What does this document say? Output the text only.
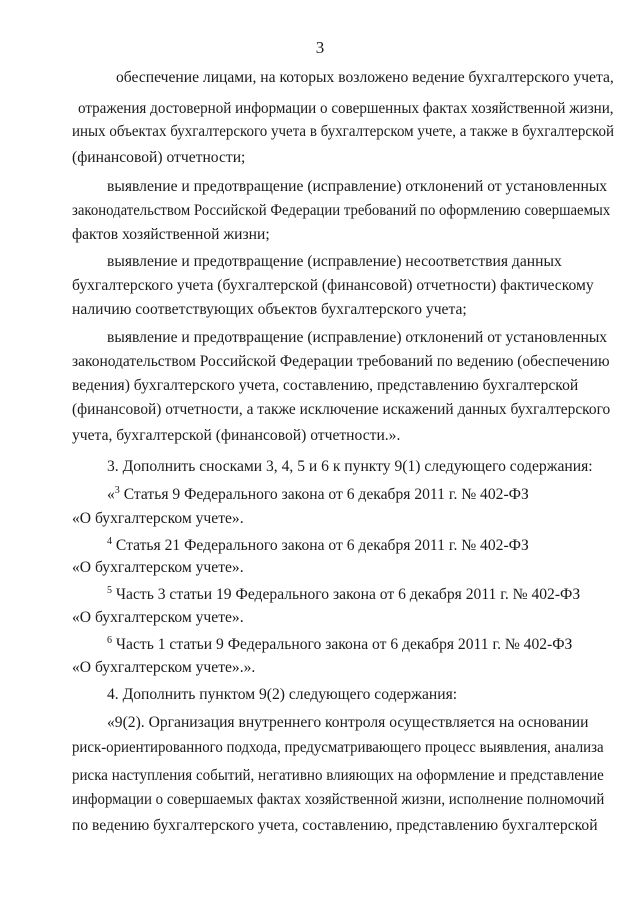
3
обеспечение лицами, на которых возложено ведение бухгалтерского учета,
отражения достоверной информации о совершенных фактах хозяйственной жизни,
иных объектах бухгалтерского учета в бухгалтерском учете, а также в бухгалтерской
(финансовой) отчетности;
выявление и предотвращение (исправление) отклонений от установленных
законодательством Российской Федерации требований по оформлению совершаемых
фактов хозяйственной жизни;
выявление и предотвращение (исправление) несоответствия данных
бухгалтерского учета (бухгалтерской (финансовой) отчетности) фактическому
наличию соответствующих объектов бухгалтерского учета;
выявление и предотвращение (исправление) отклонений от установленных
законодательством Российской Федерации требований по ведению (обеспечению
ведения) бухгалтерского учета, составлению, представлению бухгалтерской
(финансовой) отчетности, а также исключение искажений данных бухгалтерского
учета, бухгалтерской (финансовой) отчетности.».
3. Дополнить сносками 3, 4, 5 и 6 к пункту 9(1) следующего содержания:
«$^3$ Статья 9 Федерального закона от 6 декабря 2011 г. № 402-ФЗ
«О бухгалтерском учете».
$^4$ Статья 21 Федерального закона от 6 декабря 2011 г. № 402-ФЗ
«О бухгалтерском учете».
$^5$ Часть 3 статьи 19 Федерального закона от 6 декабря 2011 г. № 402-ФЗ
«О бухгалтерском учете».
$^6$ Часть 1 статьи 9 Федерального закона от 6 декабря 2011 г. № 402-ФЗ
«О бухгалтерском учете».».
4. Дополнить пунктом 9(2) следующего содержания:
«9(2). Организация внутреннего контроля осуществляется на основании
риск-ориентированного подхода, предусматривающего процесс выявления, анализа
риска наступления событий, негативно влияющих на оформление и представление
информации о совершаемых фактах хозяйственной жизни, исполнение полномочий
по ведению бухгалтерского учета, составлению, представлению бухгалтерской
